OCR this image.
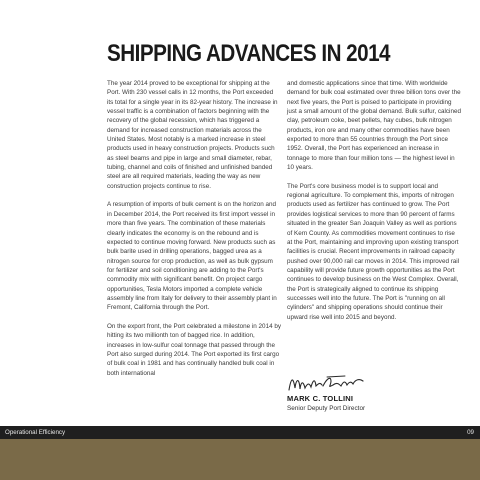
SHIPPING ADVANCES IN 2014

The year 2014 proved to be exceptional for shipping at the Port. With 230 vessel calls in 12 months, the Port exceeded its total for a single year in its 82-year history. The increase in vessel traffic is a combination of factors beginning with the recovery of the global recession, which has triggered a demand for increased construction materials across the United States. Most notably is a marked increase in steel products used in heavy construction projects. Products such as steel beams and pipe in large and small diameter, rebar, tubing, channel and coils of finished and unfinished banded steel are all required materials, leading the way as new construction projects continue to rise.

A resumption of imports of bulk cement is on the horizon and in December 2014, the Port received its first import vessel in more than five years. The combination of these materials clearly indicates the economy is on the rebound and is expected to continue moving forward. New products such as bulk barite used in drilling operations, bagged urea as a nitrogen source for crop production, as well as bulk gypsum for fertilizer and soil conditioning are adding to the Port's commodity mix with significant benefit. On project cargo opportunities, Tesla Motors imported a complete vehicle assembly line from Italy for delivery to their assembly plant in Fremont, California through the Port.

On the export front, the Port celebrated a milestone in 2014 by hitting its two millionth ton of bagged rice. In addition, increases in low-sulfur coal tonnage that passed through the Port also surged during 2014. The Port exported its first cargo of bulk coal in 1981 and has continually handled bulk coal in both international

and domestic applications since that time. With worldwide demand for bulk coal estimated over three billion tons over the next five years, the Port is poised to participate in providing just a small amount of the global demand. Bulk sulfur, calcined clay, petroleum coke, beet pellets, hay cubes, bulk nitrogen products, iron ore and many other commodities have been exported to more than 55 countries through the Port since 1952. Overall, the Port has experienced an increase in tonnage to more than four million tons — the highest level in 10 years.

The Port's core business model is to support local and regional agriculture. To complement this, imports of nitrogen products used as fertilizer has continued to grow. The Port provides logistical services to more than 90 percent of farms situated in the greater San Joaquin Valley as well as portions of Kern County. As commodities movement continues to rise at the Port, maintaining and improving upon existing transport facilities is crucial. Recent improvements in railroad capacity pushed over 90,000 rail car moves in 2014. This improved rail capability will provide future growth opportunities as the Port continues to develop business on the West Complex. Overall, the Port is strategically aligned to continue its shipping successes well into the future. The Port is "running on all cylinders" and shipping operations should continue their upward rise well into 2015 and beyond.

MARK C. TOLLINI
Senior Deputy Port Director
Operational Efficiency	09
